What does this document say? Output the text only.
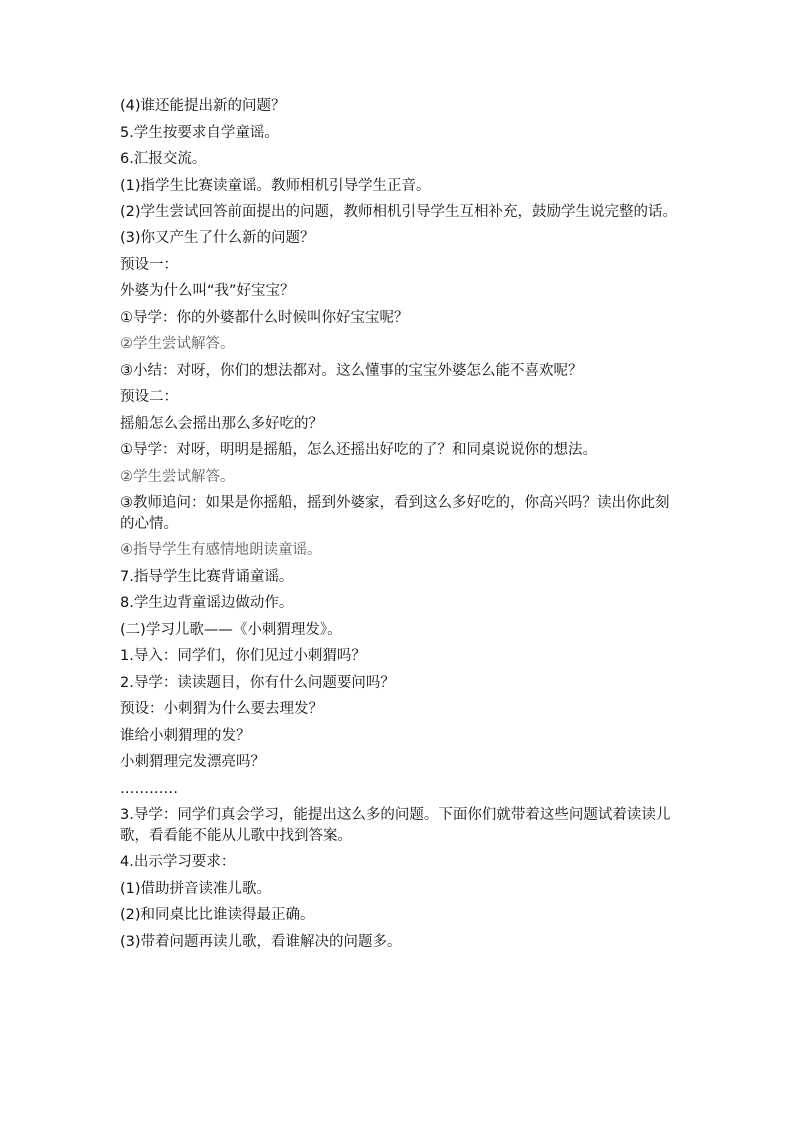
(4)谁还能提出新的问题？
5.学生按要求自学童谣。
6.汇报交流。
(1)指学生比赛读童谣。教师相机引导学生正音。
(2)学生尝试回答前面提出的问题，教师相机引导学生互相补充，鼓励学生说完整的话。
(3)你又产生了什么新的问题？
预设一：
外婆为什么叫“我”好宝宝？
①导学：你的外婆都什么时候叫你好宝宝呢？
②学生尝试解答。
③小结：对呀，你们的想法都对。这么懂事的宝宝外婆怎么能不喜欢呢？
预设二：
摇船怎么会摇出那么多好吃的？
①导学：对呀，明明是摇船，怎么还摇出好吃的了？和同桌说说你的想法。
②学生尝试解答。
③教师追问：如果是你摇船，摇到外婆家，看到这么多好吃的，你高兴吗？读出你此刻的心情。
④指导学生有感情地朗读童谣。
7.指导学生比赛背诵童谣。
8.学生边背童谣边做动作。
(二)学习儿歌——《小刺猬理发》。
1.导入：同学们，你们见过小刺猬吗？
2.导学：读读题目，你有什么问题要问吗？
预设：小刺猬为什么要去理发？
谁给小刺猬理的发？
小刺猬理完发漂亮吗？
…………
3.导学：同学们真会学习，能提出这么多的问题。下面你们就带着这些问题试着读读儿歌，看看能不能从儿歌中找到答案。
4.出示学习要求：
(1)借助拼音读准儿歌。
(2)和同桌比比谁读得最正确。
(3)带着问题再读儿歌，看谁解决的问题多。
